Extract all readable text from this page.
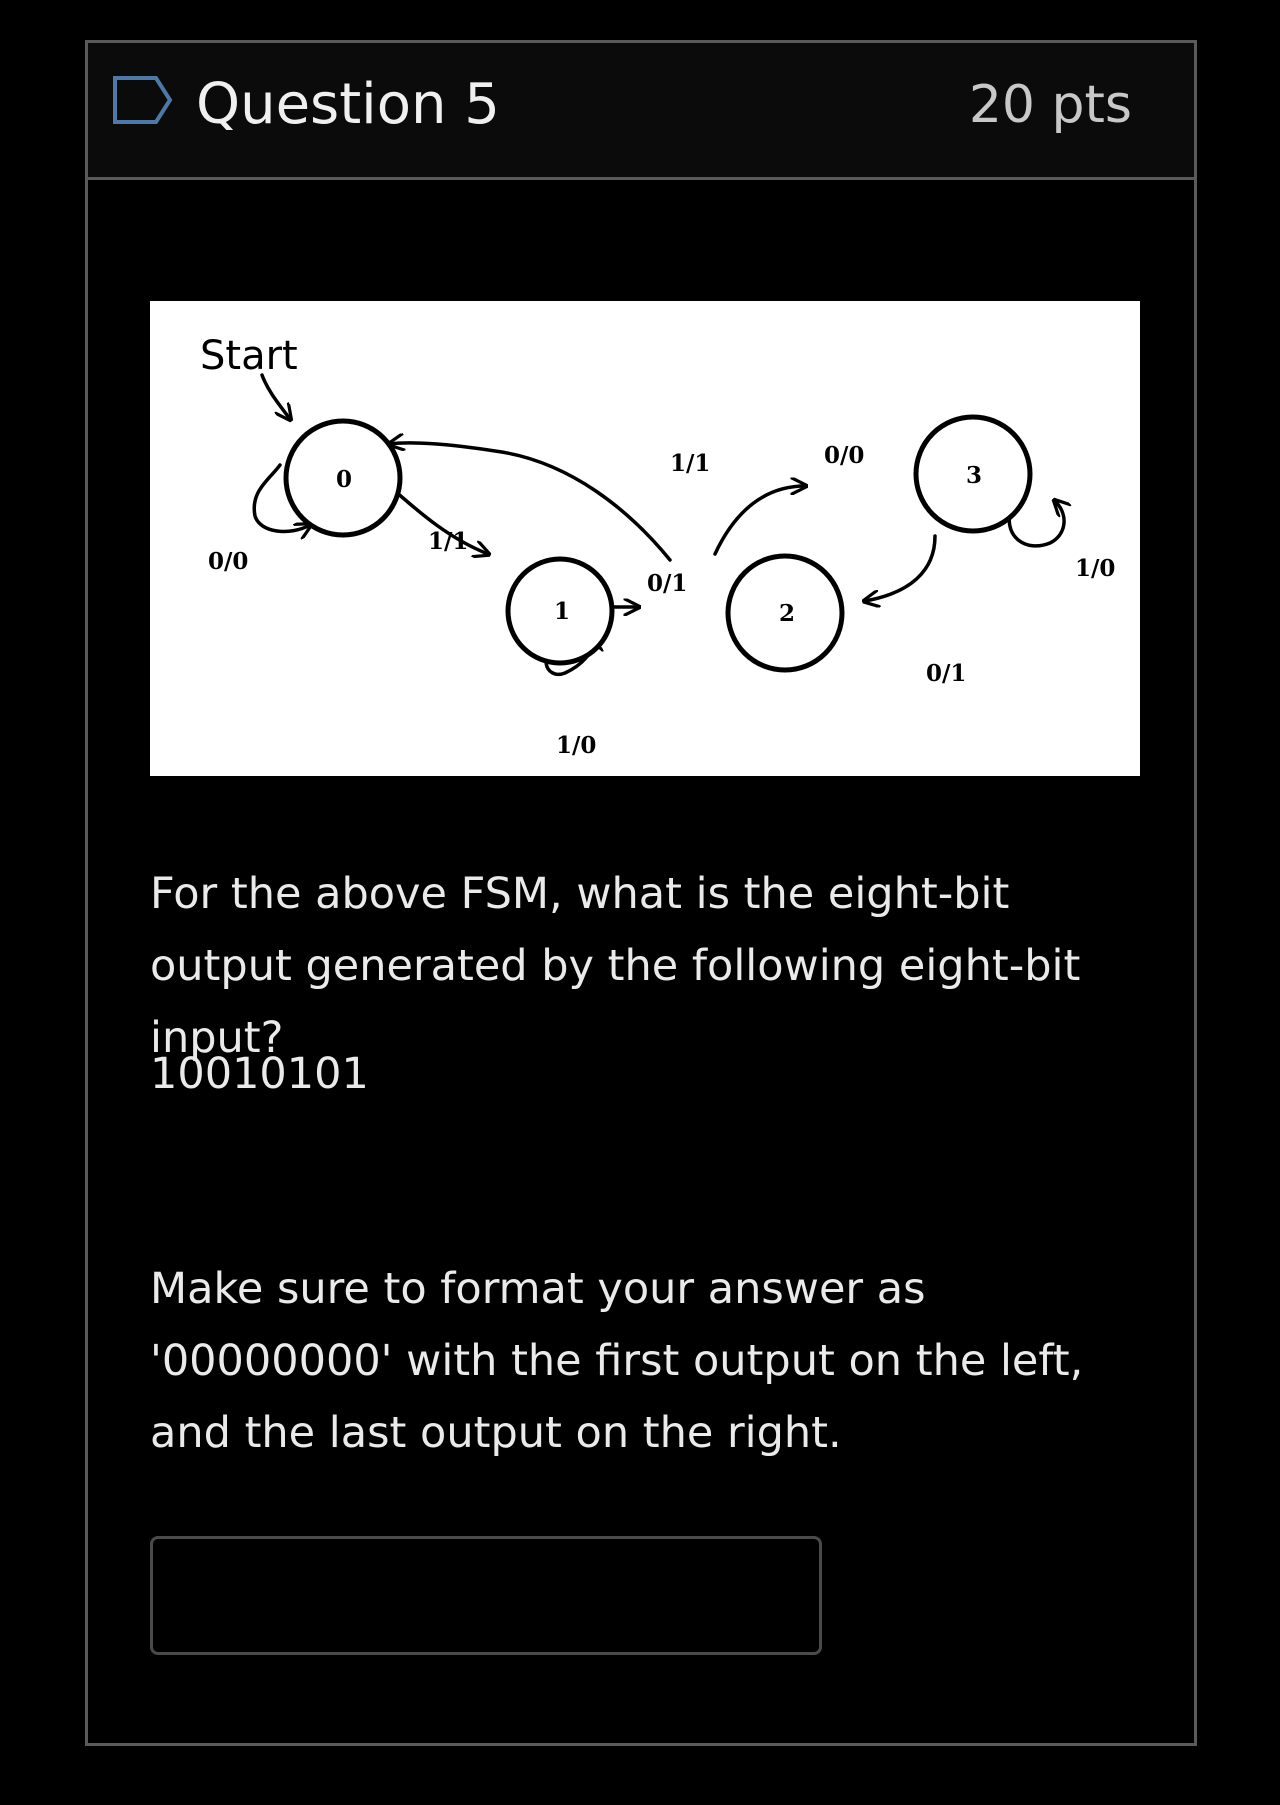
Question 5	20 pts
Start
0
1	2
3
0/0
1/1
1/0
0/1
1/1	0/0
0/1
1/0
For the above FSM, what is the eight-bit output generated by the following eight-bit input?
10010101
Make sure to format your answer as '00000000' with the first output on the left, and the last output on the right.
